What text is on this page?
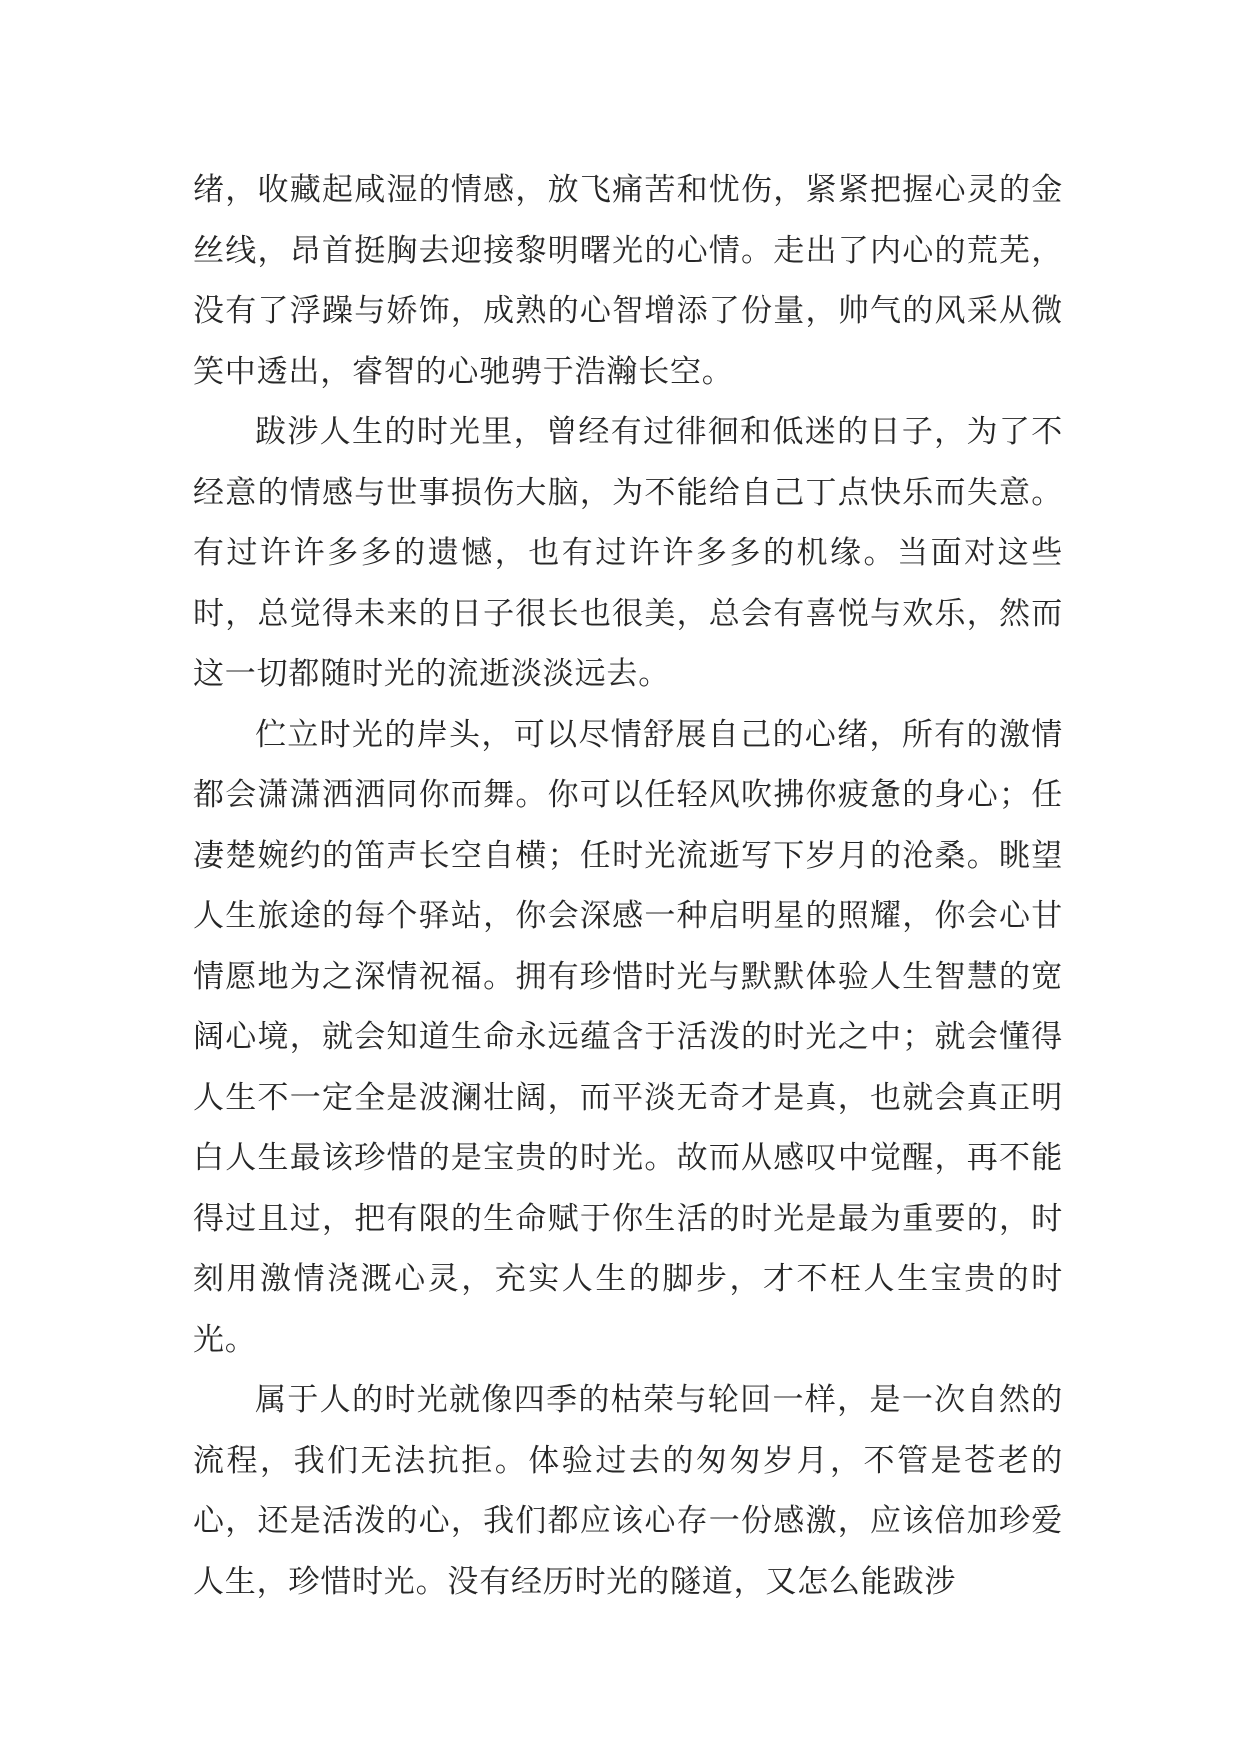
绪，收藏起咸湿的情感，放飞痛苦和忧伤，紧紧把握心灵的金丝线，昂首挺胸去迎接黎明曙光的心情。走出了内心的荒芜，没有了浮躁与娇饰，成熟的心智增添了份量，帅气的风采从微笑中透出，睿智的心驰骋于浩瀚长空。

跋涉人生的时光里，曾经有过徘徊和低迷的日子，为了不经意的情感与世事损伤大脑，为不能给自己丁点快乐而失意。有过许许多多的遗憾，也有过许许多多的机缘。当面对这些时，总觉得未来的日子很长也很美，总会有喜悦与欢乐，然而这一切都随时光的流逝淡淡远去。

伫立时光的岸头，可以尽情舒展自己的心绪，所有的激情都会潇潇洒洒同你而舞。你可以任轻风吹拂你疲惫的身心；任凄楚婉约的笛声长空自横；任时光流逝写下岁月的沧桑。眺望人生旅途的每个驿站，你会深感一种启明星的照耀，你会心甘情愿地为之深情祝福。拥有珍惜时光与默默体验人生智慧的宽阔心境，就会知道生命永远蕴含于活泼的时光之中；就会懂得人生不一定全是波澜壮阔，而平淡无奇才是真，也就会真正明白人生最该珍惜的是宝贵的时光。故而从感叹中觉醒，再不能得过且过，把有限的生命赋于你生活的时光是最为重要的，时刻用激情浇溉心灵，充实人生的脚步，才不枉人生宝贵的时光。

属于人的时光就像四季的枯荣与轮回一样，是一次自然的流程，我们无法抗拒。体验过去的匆匆岁月，不管是苍老的心，还是活泼的心，我们都应该心存一份感激，应该倍加珍爱人生，珍惜时光。没有经历时光的隧道，又怎么能跋涉
